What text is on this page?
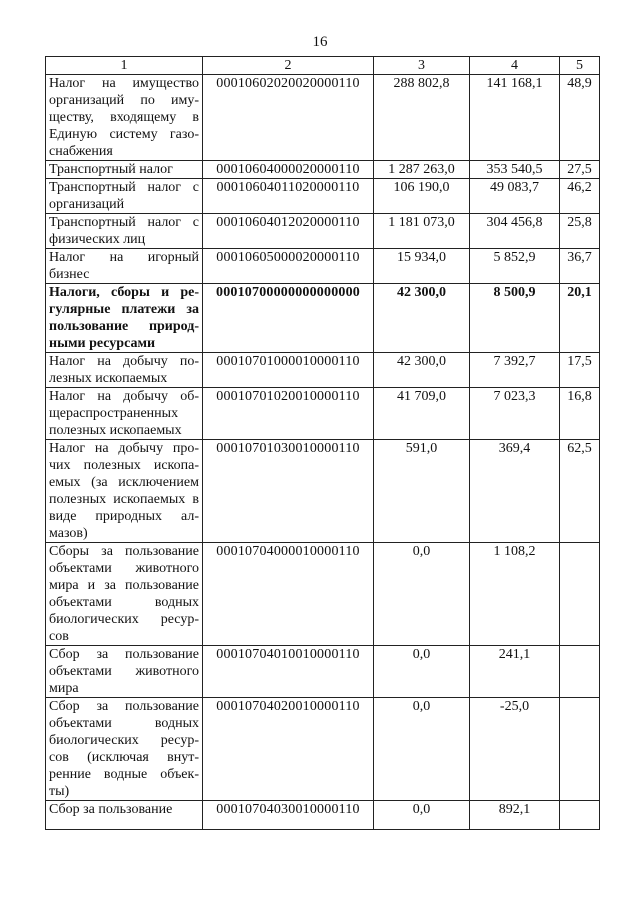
16
1	2	3	4	5
Налог на имущество организаций по иму-ществу, входящему в Единую систему газо-снабжения	00010602020020000110	288 802,8	141 168,1	48,9
Транспортный налог	00010604000020000110	1 287 263,0	353 540,5	27,5
Транспортный налог с организаций	00010604011020000110	106 190,0	49 083,7	46,2
Транспортный налог с физических лиц	00010604012020000110	1 181 073,0	304 456,8	25,8
Налог на игорный бизнес	00010605000020000110	15 934,0	5 852,9	36,7
Налоги, сборы и ре-гулярные платежи за пользование природ-ными ресурсами	00010700000000000000	42 300,0	8 500,9	20,1
Налог на добычу по-лезных ископаемых	00010701000010000110	42 300,0	7 392,7	17,5
Налог на добычу об-щераспространенных полезных ископаемых	00010701020010000110	41 709,0	7 023,3	16,8
Налог на добычу про-чих полезных ископа-емых (за исключением полезных ископаемых в виде природных ал-мазов)	00010701030010000110	591,0	369,4	62,5
Сборы за пользование объектами животного мира и за пользование объектами водных биологических ресур-сов	00010704000010000110	0,0	1 108,2	
Сбор за пользование объектами животного мира	00010704010010000110	0,0	241,1	
Сбор за пользование объектами водных биологических ресур-сов (исключая внут-ренние водные объек-ты)	00010704020010000110	0,0	-25,0	
Сбор за пользование	00010704030010000110	0,0	892,1	
